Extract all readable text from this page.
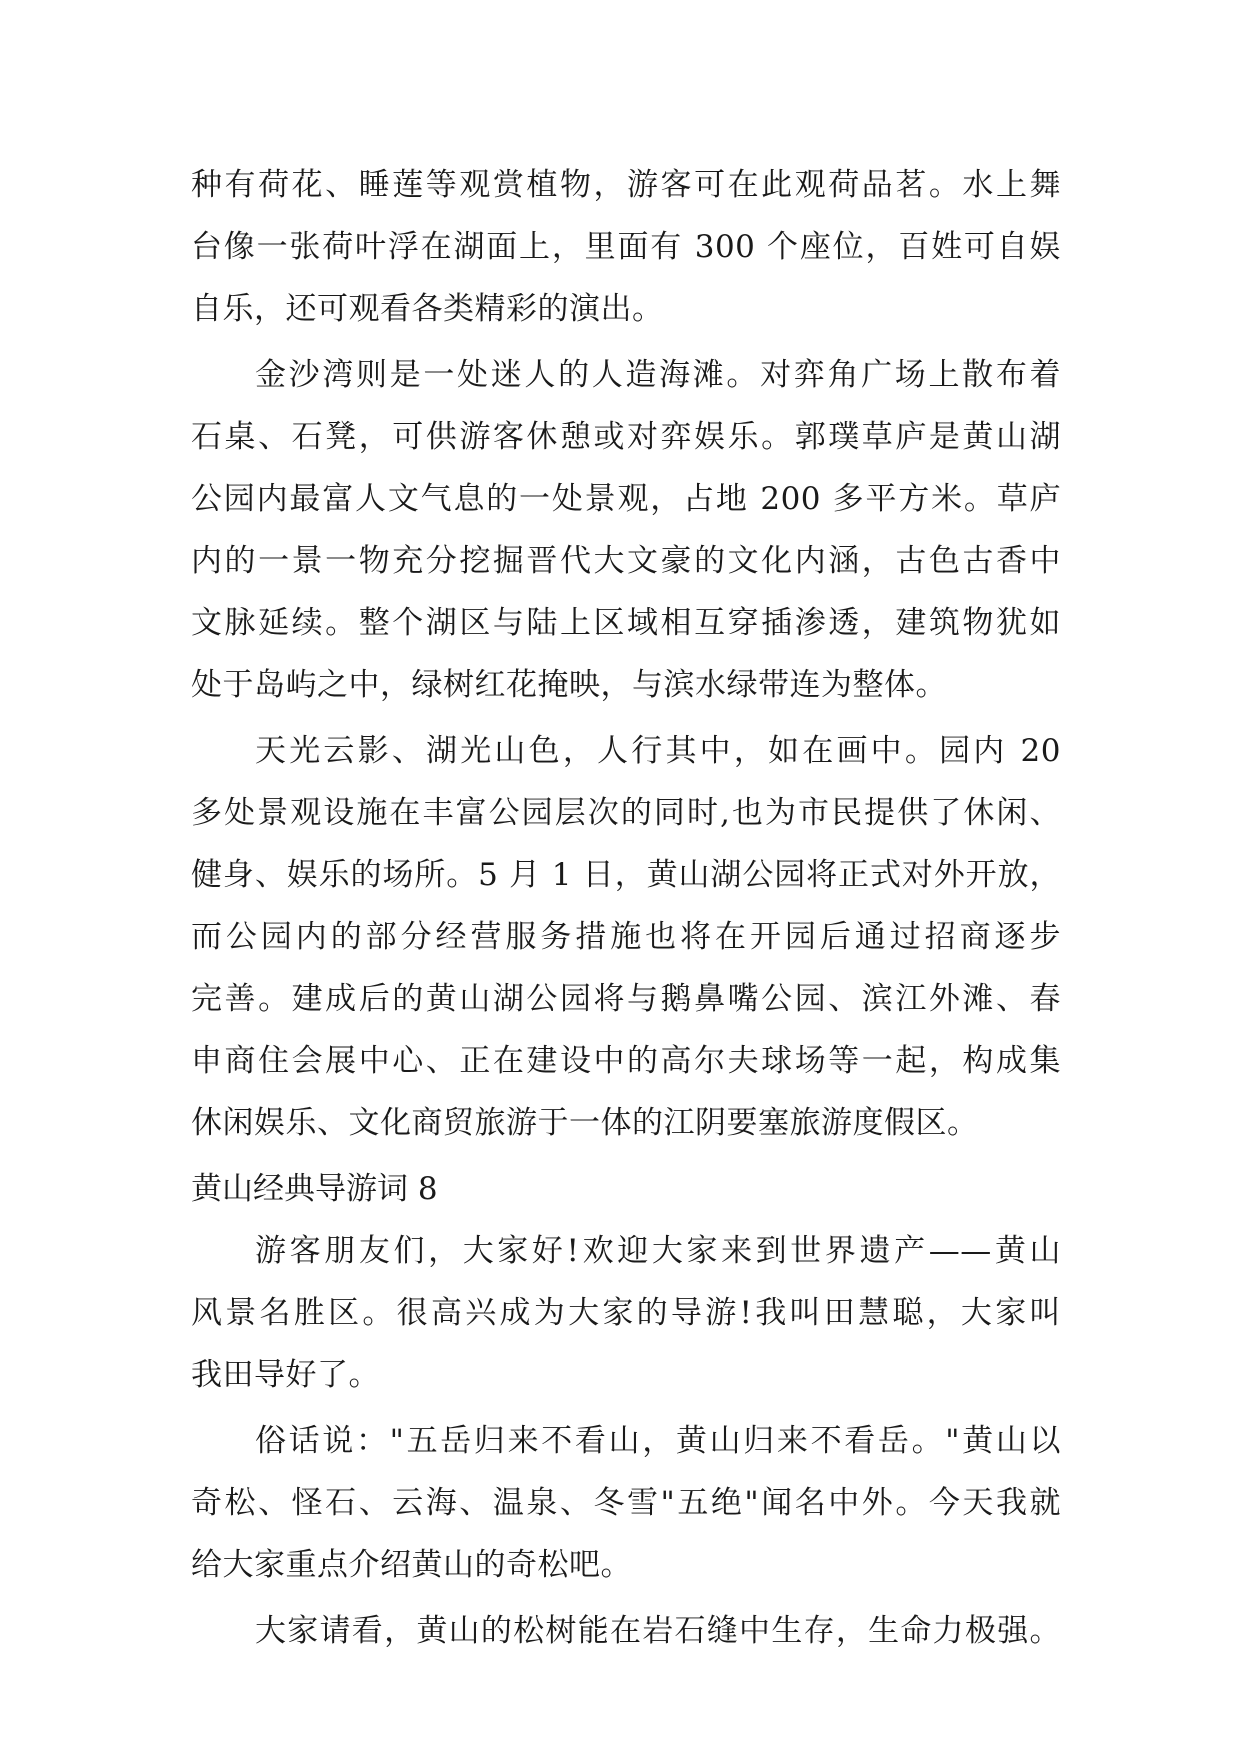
种有荷花、睡莲等观赏植物，游客可在此观荷品茗。水上舞
台像一张荷叶浮在湖面上，里面有 300 个座位，百姓可自娱
自乐，还可观看各类精彩的演出。
金沙湾则是一处迷人的人造海滩。对弈角广场上散布着
石桌、石凳，可供游客休憩或对弈娱乐。郭璞草庐是黄山湖
公园内最富人文气息的一处景观，占地 200 多平方米。草庐
内的一景一物充分挖掘晋代大文豪的文化内涵，古色古香中
文脉延续。整个湖区与陆上区域相互穿插渗透，建筑物犹如
处于岛屿之中，绿树红花掩映，与滨水绿带连为整体。
天光云影、湖光山色，人行其中，如在画中。园内 20
多处景观设施在丰富公园层次的同时,也为市民提供了休闲、
健身、娱乐的场所。5 月 1 日，黄山湖公园将正式对外开放，
而公园内的部分经营服务措施也将在开园后通过招商逐步
完善。建成后的黄山湖公园将与鹅鼻嘴公园、滨江外滩、春
申商住会展中心、正在建设中的高尔夫球场等一起，构成集
休闲娱乐、文化商贸旅游于一体的江阴要塞旅游度假区。
黄山经典导游词 8
游客朋友们，大家好!欢迎大家来到世界遗产——黄山
风景名胜区。很高兴成为大家的导游!我叫田慧聪，大家叫
我田导好了。
俗话说："五岳归来不看山，黄山归来不看岳。"黄山以
奇松、怪石、云海、温泉、冬雪"五绝"闻名中外。今天我就
给大家重点介绍黄山的奇松吧。
大家请看，黄山的松树能在岩石缝中生存，生命力极强。
